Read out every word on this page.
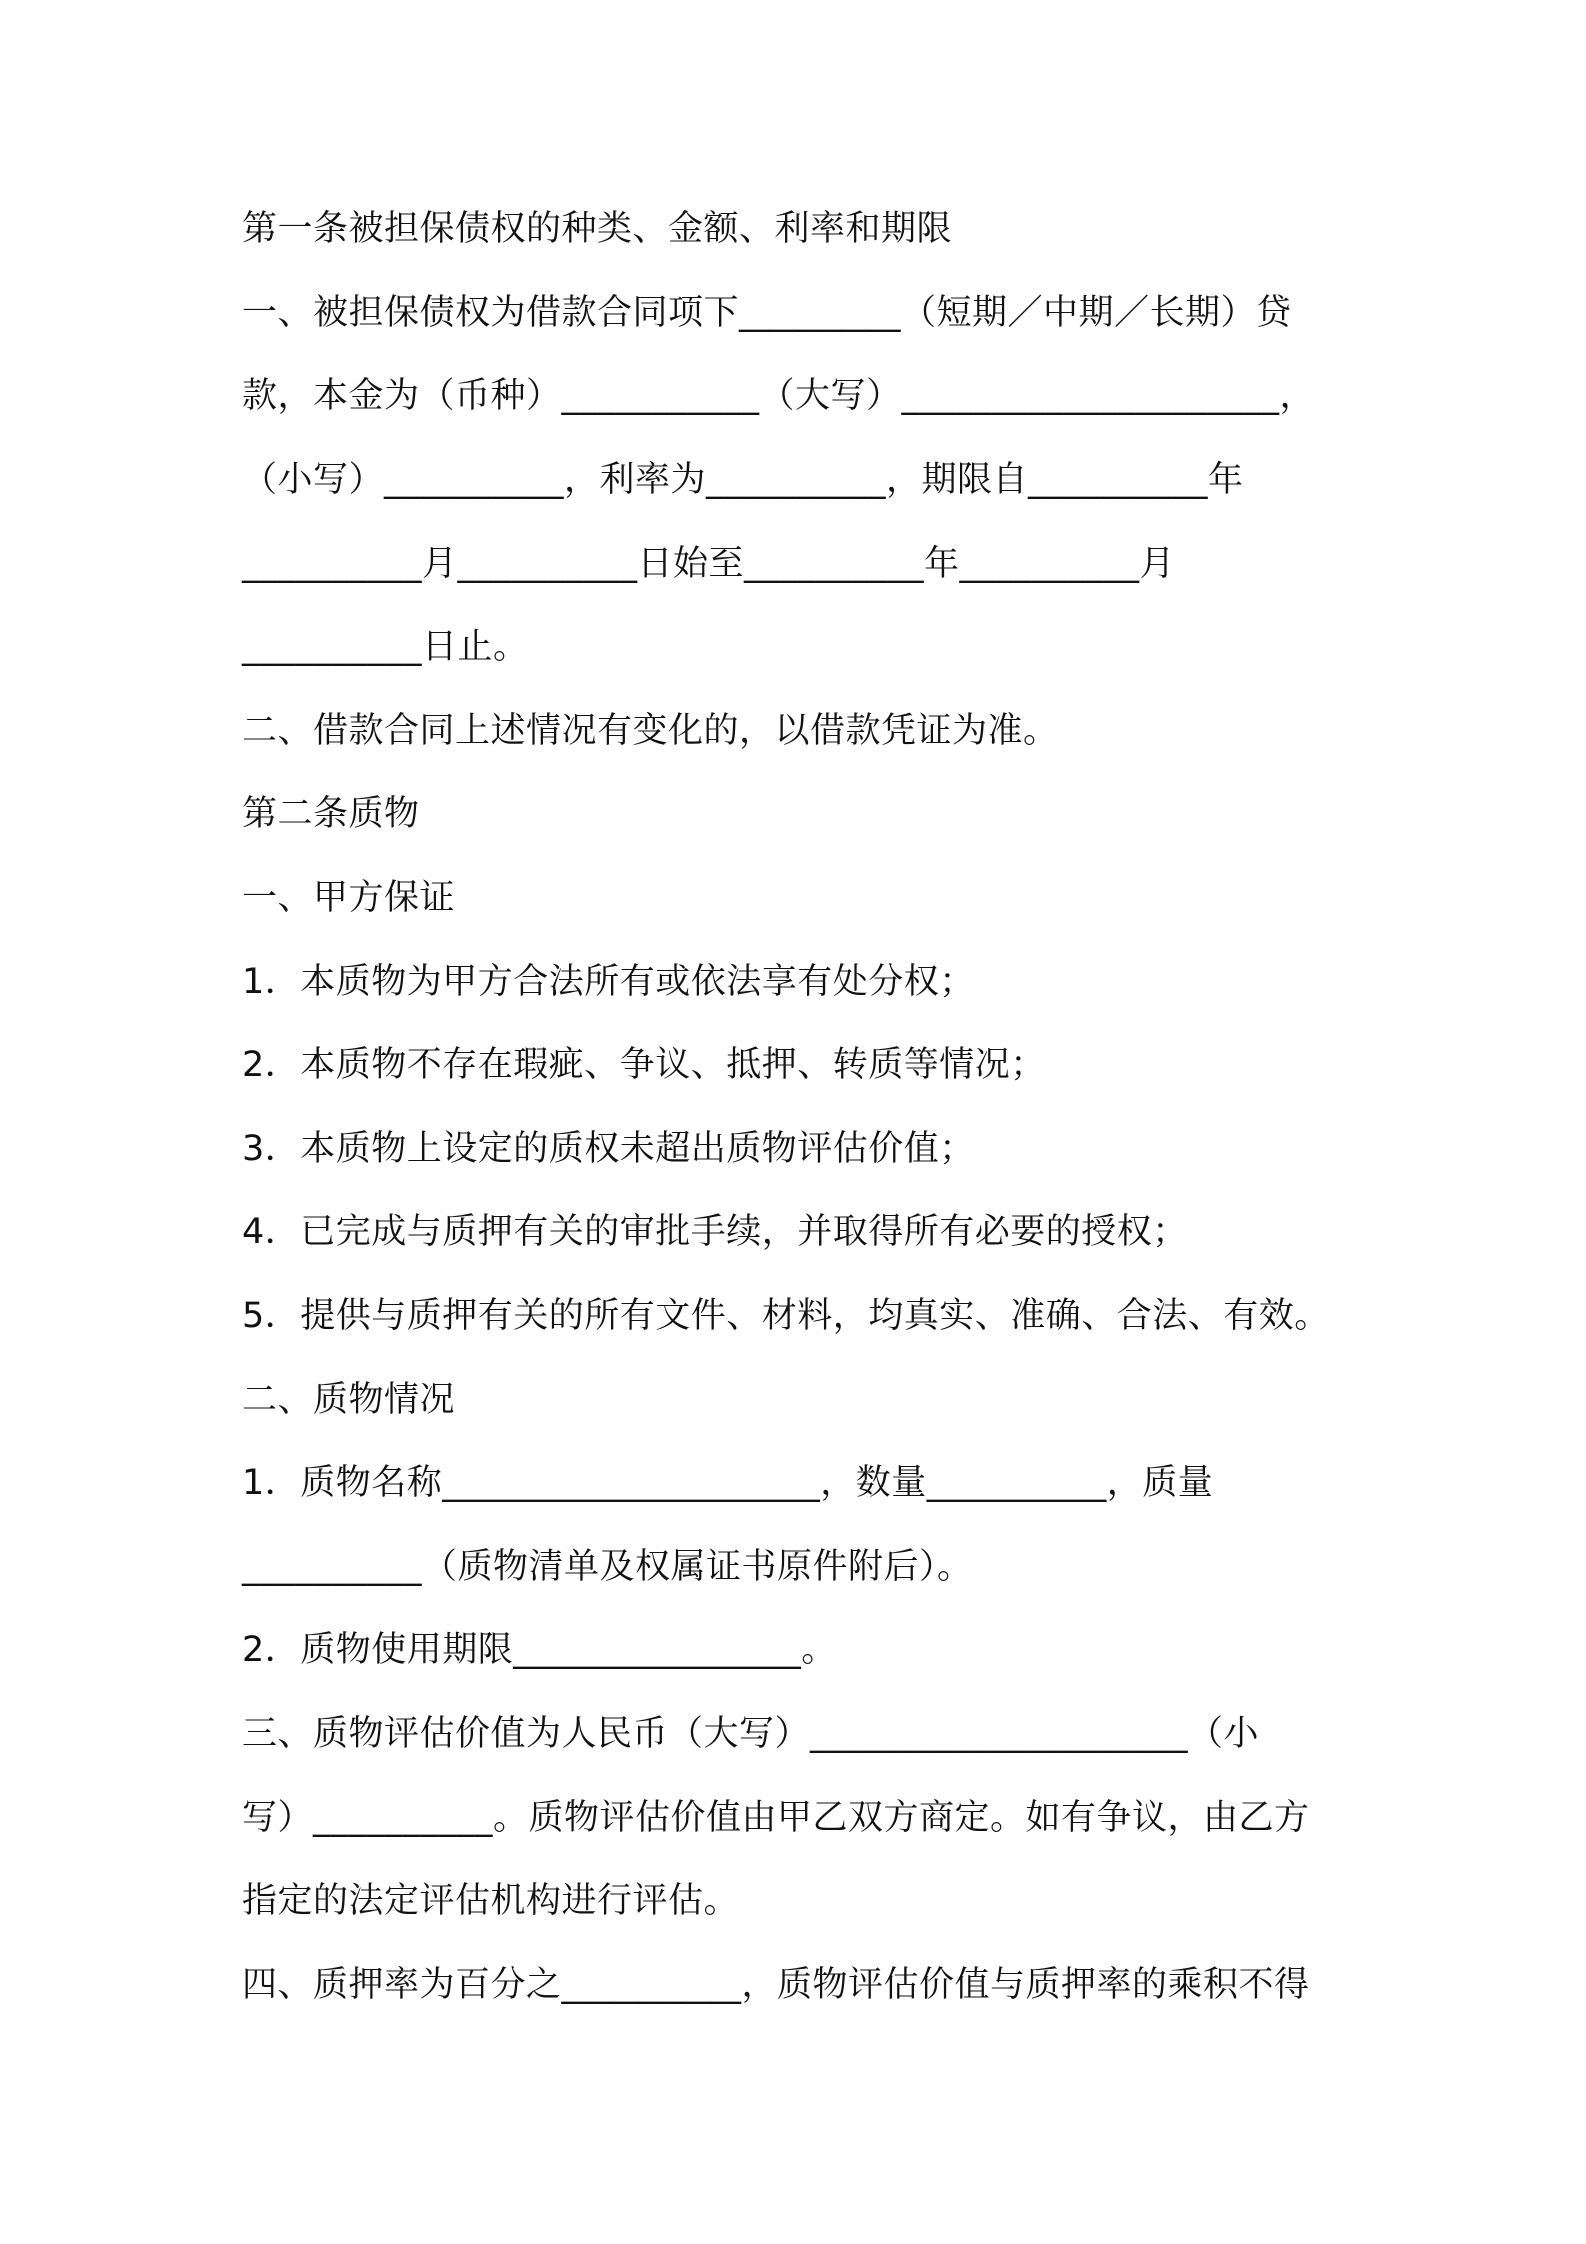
第一条被担保债权的种类、金额、利率和期限

一、被担保债权为借款合同项下_________（短期／中期／长期）贷

款，本金为（币种）___________（大写）_____________________，

（小写）__________，利率为__________，期限自__________年

__________月__________日始至__________年__________月

__________日止。

二、借款合同上述情况有变化的，以借款凭证为准。

第二条质物

一、甲方保证

1．本质物为甲方合法所有或依法享有处分权；

2．本质物不存在瑕疵、争议、抵押、转质等情况；

3．本质物上设定的质权未超出质物评估价值；

4．已完成与质押有关的审批手续，并取得所有必要的授权；

5．提供与质押有关的所有文件、材料，均真实、准确、合法、有效。

二、质物情况

1．质物名称_____________________，数量__________，质量

__________（质物清单及权属证书原件附后）。

2．质物使用期限________________。

三、质物评估价值为人民币（大写）_____________________（小

写）__________。质物评估价值由甲乙双方商定。如有争议，由乙方

指定的法定评估机构进行评估。

四、质押率为百分之__________，质物评估价值与质押率的乘积不得
